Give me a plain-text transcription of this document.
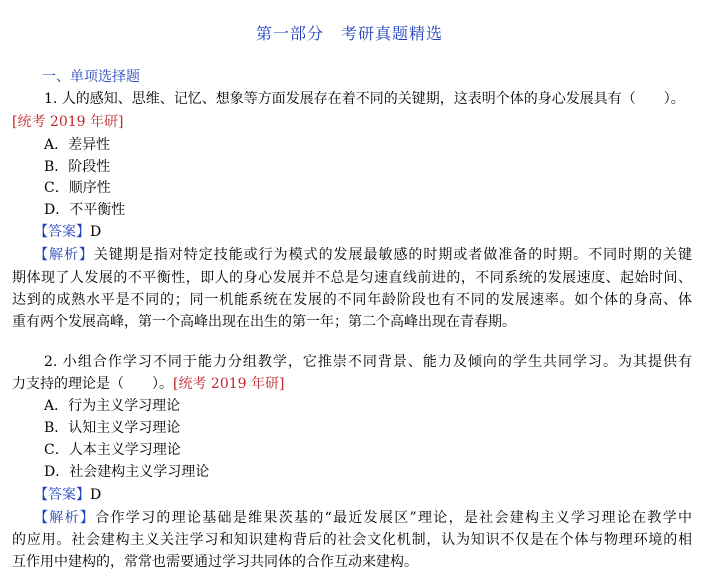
第一部分　考研真题精选
一、单项选择题
1. 人的感知、思维、记忆、想象等方面发展存在着不同的关键期，这表明个体的身心发展具有（　　）。
[统考 2019 年研]
A．差异性
B．阶段性
C．顺序性
D．不平衡性
【答案】D
【解析】关键期是指对特定技能或行为模式的发展最敏感的时期或者做准备的时期。不同时期的关键
期体现了人发展的不平衡性，即人的身心发展并不总是匀速直线前进的，不同系统的发展速度、起始时间、
达到的成熟水平是不同的；同一机能系统在发展的不同年龄阶段也有不同的发展速率。如个体的身高、体
重有两个发展高峰，第一个高峰出现在出生的第一年；第二个高峰出现在青春期。
2. 小组合作学习不同于能力分组教学，它推崇不同背景、能力及倾向的学生共同学习。为其提供有
力支持的理论是（　　）。[统考 2019 年研]
A．行为主义学习理论
B．认知主义学习理论
C．人本主义学习理论
D．社会建构主义学习理论
【答案】D
【解析】合作学习的理论基础是维果茨基的“最近发展区”理论，是社会建构主义学习理论在教学中
的应用。社会建构主义关注学习和知识建构背后的社会文化机制，认为知识不仅是在个体与物理环境的相
互作用中建构的，常常也需要通过学习共同体的合作互动来建构。
